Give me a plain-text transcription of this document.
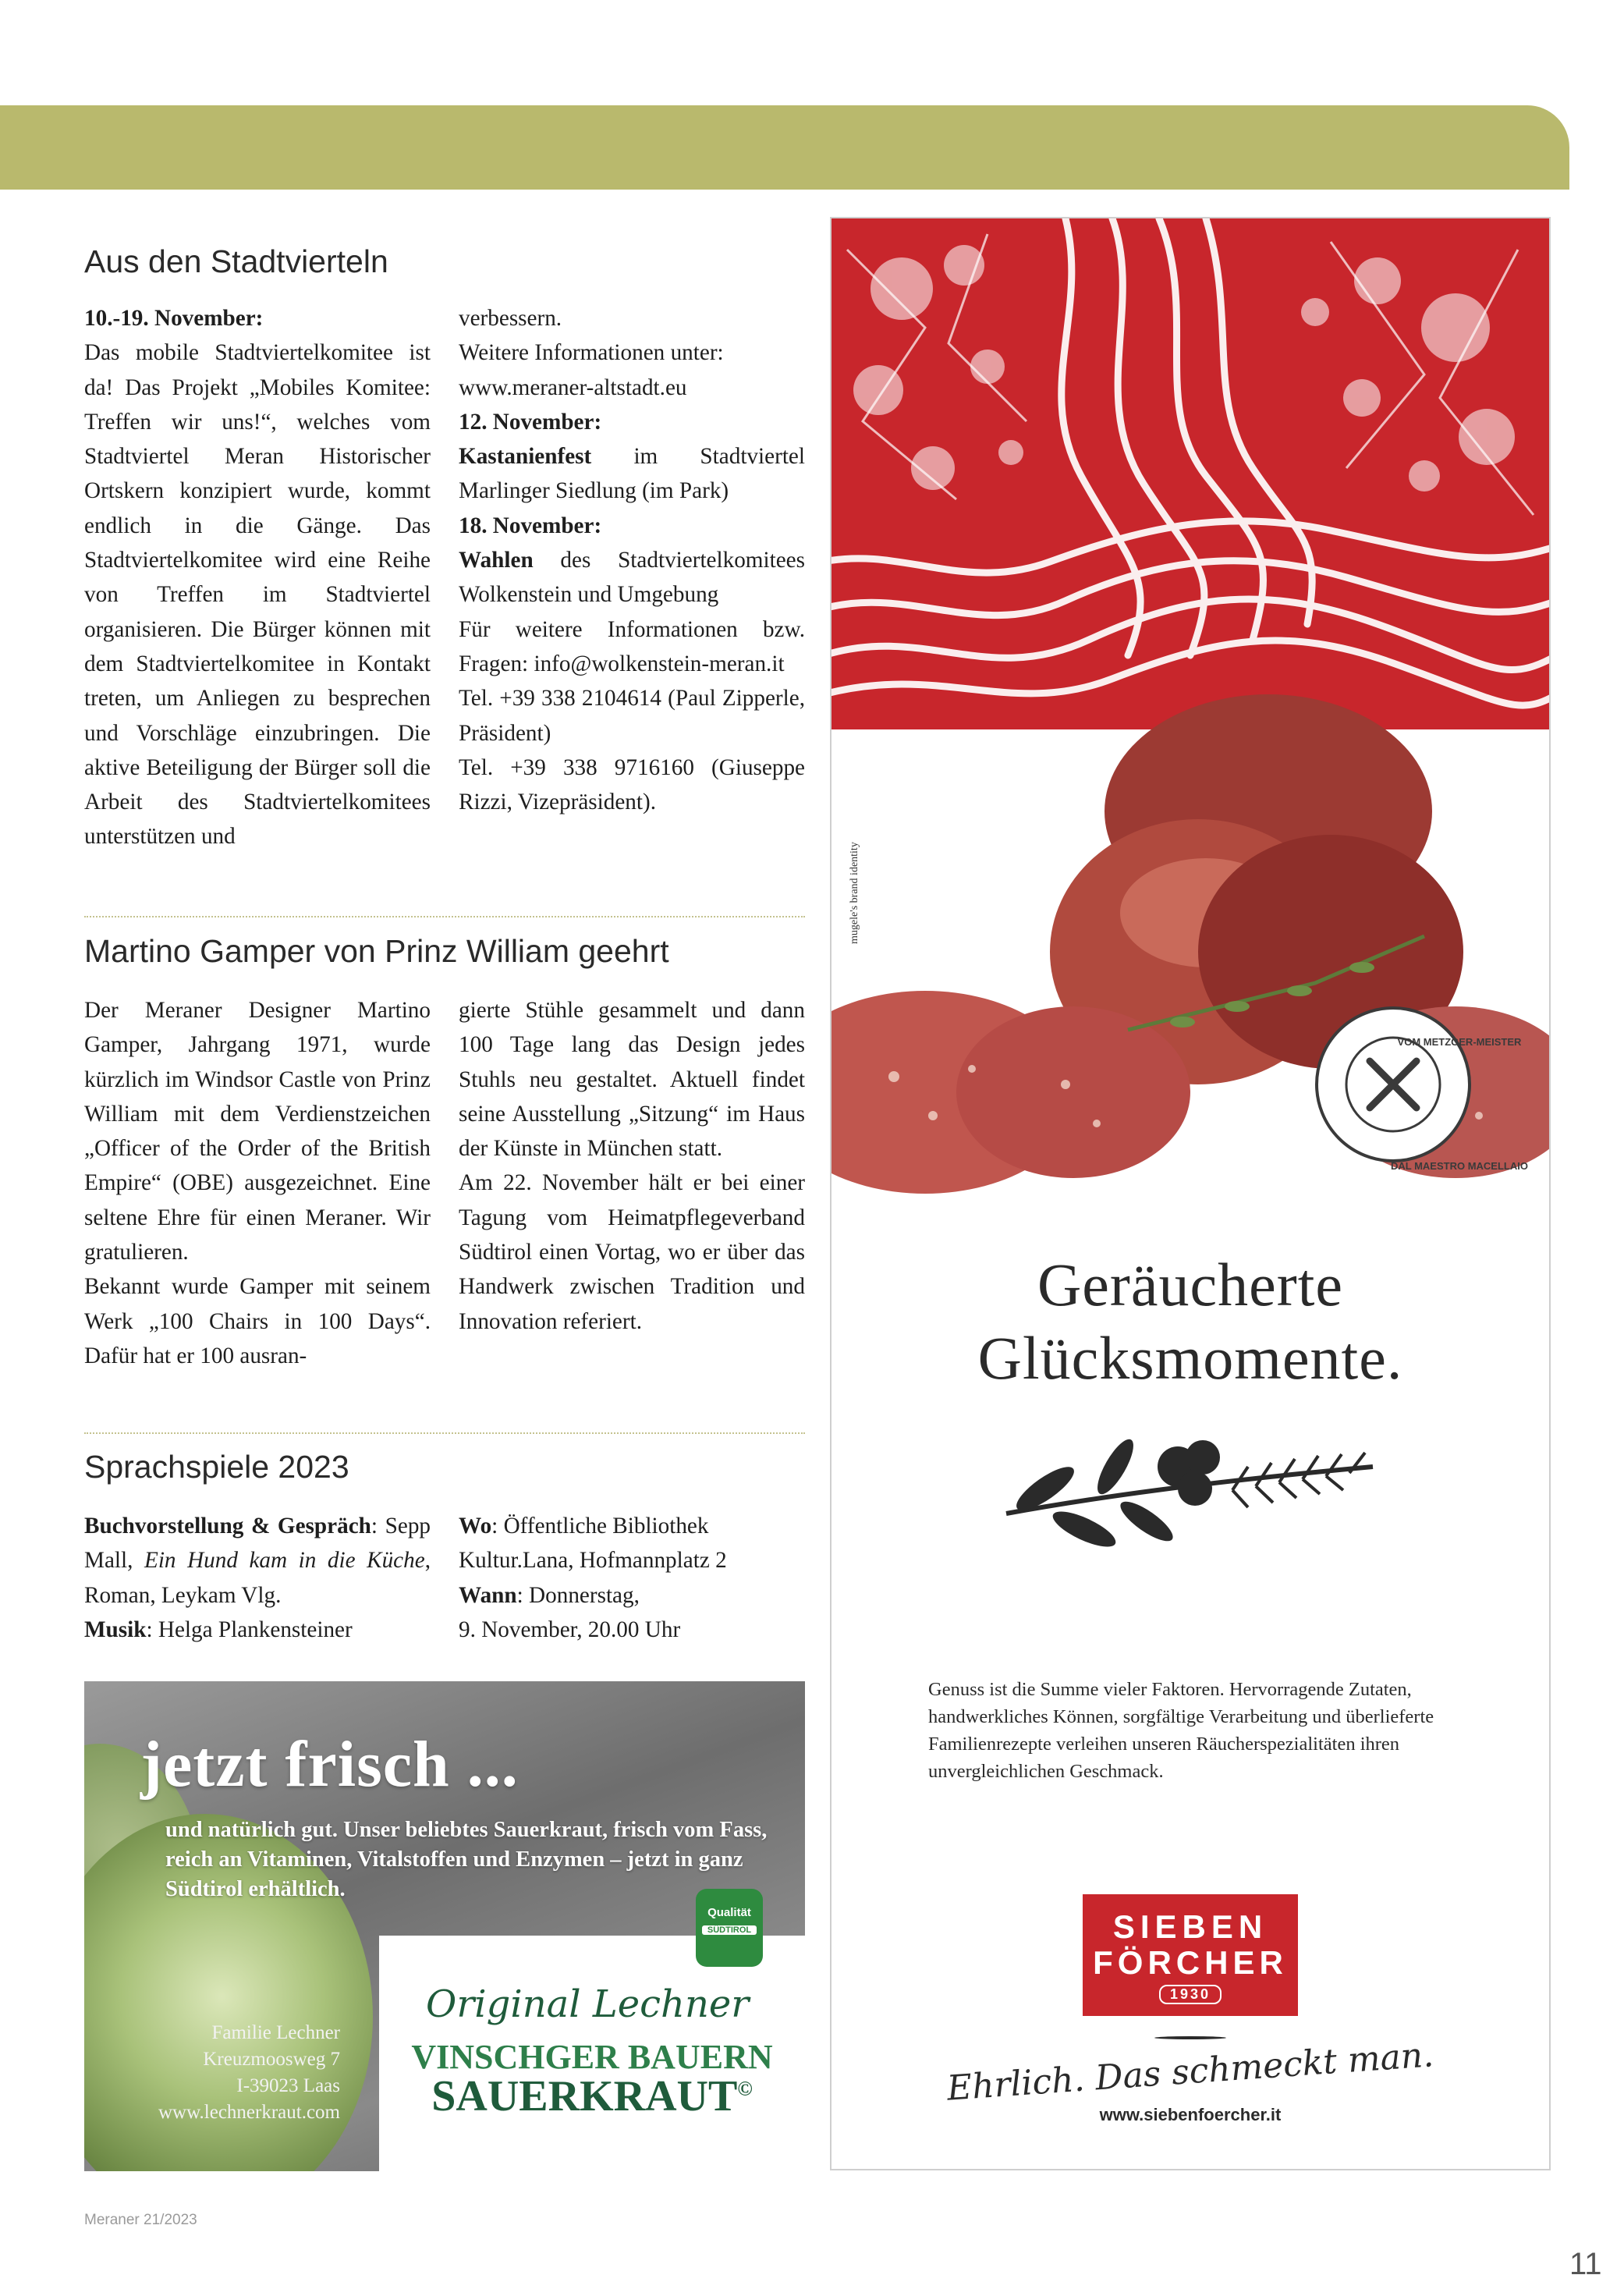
Aus den Stadtvierteln

10.-19. November:

Das mobile Stadtviertelkomitee ist da! Das Projekt „Mobiles Komitee: Treffen wir uns!“, welches vom Stadtviertel Meran Historischer Ortskern konzipiert wurde, kommt endlich in die Gänge. Das Stadtviertelkomitee wird eine Reihe von Treffen im Stadtviertel organisieren. Die Bürger können mit dem Stadtviertelkomitee in Kontakt treten, um Anliegen zu besprechen und Vorschläge einzubringen. Die aktive Beteiligung der Bürger soll die Arbeit des Stadtviertelkomitees unterstützen und

verbessern.

Weitere Informationen unter:

www.meraner-altstadt.eu

12. November:

Kastanienfest im Stadtviertel Marlinger Siedlung (im Park)

18. November:

Wahlen des Stadtviertelkomitees Wolkenstein und Umgebung

Für weitere Informationen bzw. Fragen: info@wolkenstein-meran.it

Tel. +39 338 2104614 (Paul Zipperle, Präsident)

Tel. +39 338 9716160 (Giuseppe Rizzi, Vizepräsident).

Martino Gamper von Prinz William geehrt

Der Meraner Designer Martino Gamper, Jahrgang 1971, wurde kürzlich im Windsor Castle von Prinz William mit dem Verdienstzeichen „Officer of the Order of the British Empire“ (OBE) ausgezeichnet. Eine seltene Ehre für einen Meraner. Wir gratulieren.

Bekannt wurde Gamper mit seinem Werk „100 Chairs in 100 Days“. Dafür hat er 100 ausran-

gierte Stühle gesammelt und dann 100 Tage lang das Design jedes Stuhls neu gestaltet. Aktuell findet seine Ausstellung „Sitzung“ im Haus der Künste in München statt.

Am 22. November hält er bei einer Tagung vom Heimatpflegeverband Südtirol einen Vortag, wo er über das Handwerk zwischen Tradition und Innovation referiert.

Sprachspiele 2023

Buchvorstellung & Gespräch: Sepp Mall, Ein Hund kam in die Küche, Roman, Leykam Vlg.

Musik: Helga Plankensteiner

Wo: Öffentliche Bibliothek Kultur.Lana, Hofmannplatz 2

Wann: Donnerstag,

9. November, 20.00 Uhr

jetzt frisch ...
und natürlich gut. Unser beliebtes Sauerkraut, frisch vom Fass, reich an Vitaminen, Vitalstoffen und Enzymen – jetzt in ganz Südtirol erhältlich.
Familie Lechner
Kreuzmoosweg 7
I-39023 Laas
www.lechnerkraut.com
Qualität
SÜDTIROL
Original Lechner
VINSCHGER BAUERN
SAUERKRAUT©
mugele's brand identity
VOM METZGER-MEISTER
DAL MAESTRO MACELLAIO
Geräucherte
Glücksmomente.
Genuss ist die Summe vieler Faktoren. Hervorragende Zutaten, handwerkliches Können, sorgfältige Verarbeitung und überlieferte Familienrezepte verleihen unseren Räucherspezialitäten ihren unvergleichlichen Geschmack.
SIEBEN
FÖRCHER
1930
Ehrlich. Das schmeckt man.
www.siebenfoercher.it
Meraner 21/2023
11
